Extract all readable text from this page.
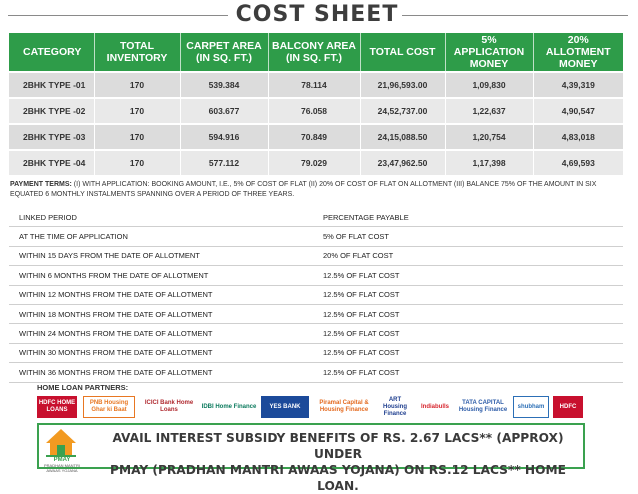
COST SHEET
CATEGORY	TOTAL INVENTORY	CARPET AREA (IN SQ. FT.)	BALCONY AREA (IN SQ. FT.)	TOTAL COST	5% APPLICATION MONEY	20% ALLOTMENT MONEY
2BHK TYPE -01	170	539.384	78.114	21,96,593.00	1,09,830	4,39,319
2BHK TYPE -02	170	603.677	76.058	24,52,737.00	1,22,637	4,90,547
2BHK TYPE -03	170	594.916	70.849	24,15,088.50	1,20,754	4,83,018
2BHK TYPE -04	170	577.112	79.029	23,47,962.50	1,17,398	4,69,593
PAYMENT TERMS: (I) WITH APPLICATION: BOOKING AMOUNT, I.E., 5% OF COST OF FLAT (II) 20% OF COST OF FLAT ON ALLOTMENT (III) BALANCE 75% OF THE AMOUNT IN SIX EQUATED 6 MONTHLY INSTALMENTS SPANNING OVER A PERIOD OF THREE YEARS.
LINKED PERIOD	PERCENTAGE PAYABLE
AT THE TIME OF APPLICATION	5% OF FLAT COST
WITHIN 15 DAYS FROM THE DATE OF ALLOTMENT	20% OF FLAT COST
WITHIN 6 MONTHS FROM THE DATE OF ALLOTMENT	12.5% OF FLAT COST
WITHIN 12 MONTHS FROM THE DATE OF ALLOTMENT	12.5% OF FLAT COST
WITHIN 18 MONTHS FROM THE DATE OF ALLOTMENT	12.5% OF FLAT COST
WITHIN 24 MONTHS FROM THE DATE OF ALLOTMENT	12.5% OF FLAT COST
WITHIN 30 MONTHS FROM THE DATE OF ALLOTMENT	12.5% OF FLAT COST
WITHIN 36 MONTHS FROM THE DATE OF ALLOTMENT	12.5% OF FLAT COST
HOME LOAN PARTNERS:
HDFC HOME LOANS
PNB Housing Ghar ki Baat
ICICI Bank Home Loans
IDBI Home Finance	YES BANK
Piramal Capital & Housing Finance
ART Housing Finance
Indiabulls
TATA CAPITAL Housing Finance
shubham	HDFC
PMAY
PRADHAN MANTRI AWAAS YOJANA
AVAIL INTEREST SUBSIDY BENEFITS OF RS. 2.67 LACS** (APPROX) UNDER
PMAY (PRADHAN MANTRI AWAAS YOJANA) ON RS.12 LACS** HOME LOAN.
